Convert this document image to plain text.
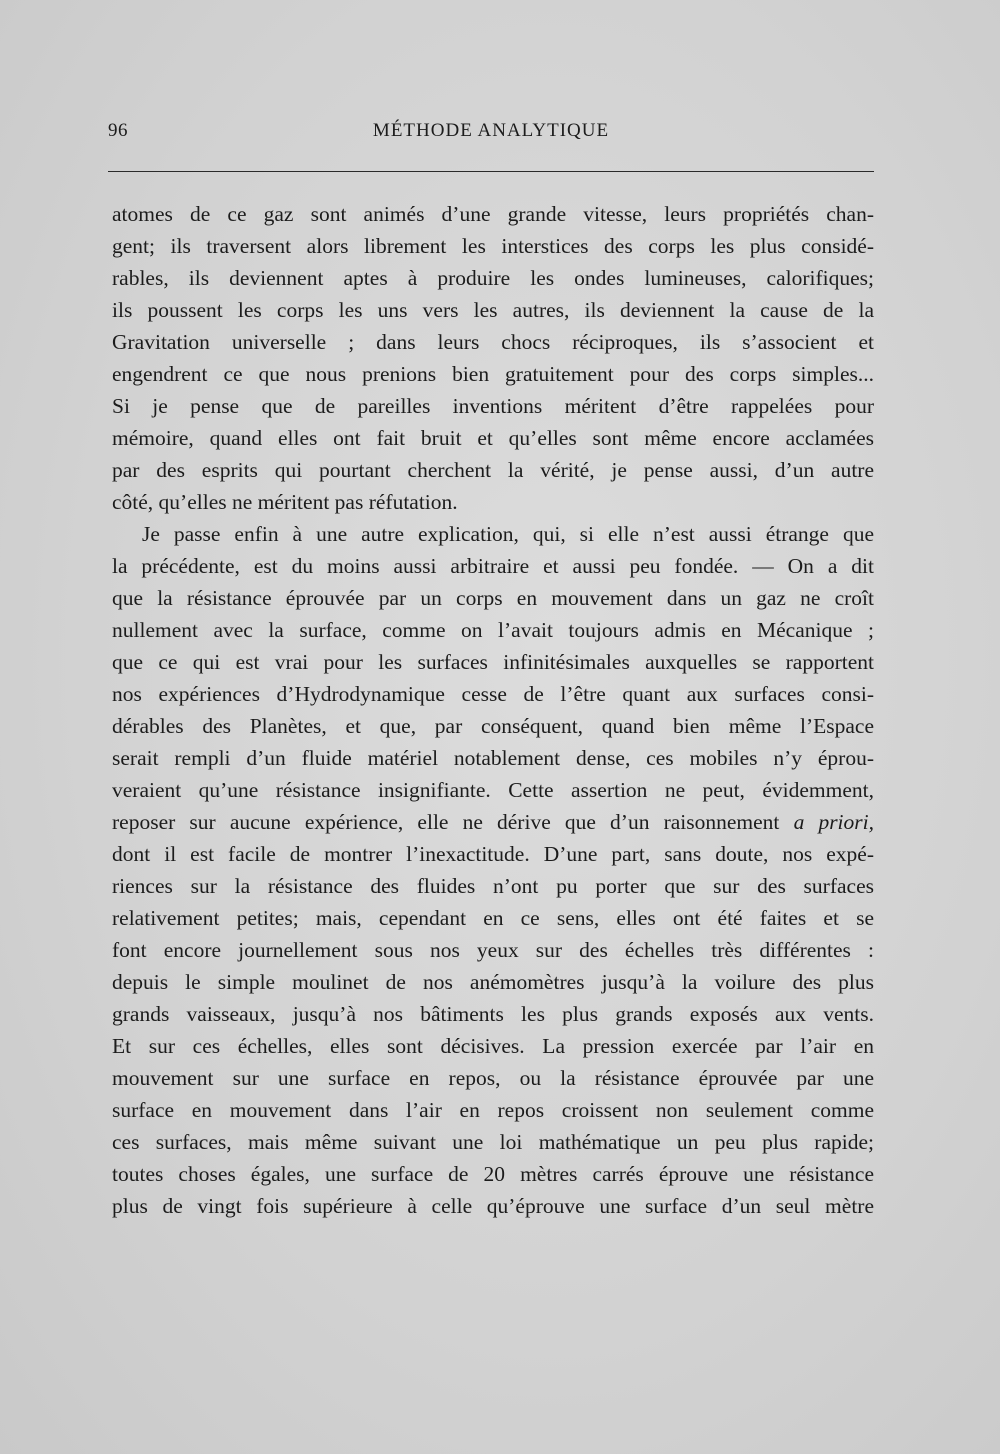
96	MÉTHODE ANALYTIQUE
atomes de ce gaz sont animés d’une grande vitesse, leurs propriétés chan-
gent; ils traversent alors librement les interstices des corps les plus considé-
rables, ils deviennent aptes à produire les ondes lumineuses, calorifiques;
ils poussent les corps les uns vers les autres, ils deviennent la cause de la
Gravitation universelle ; dans leurs chocs réciproques, ils s’associent et
engendrent ce que nous prenions bien gratuitement pour des corps simples...
Si je pense que de pareilles inventions méritent d’être rappelées pour
mémoire, quand elles ont fait bruit et qu’elles sont même encore acclamées
par des esprits qui pourtant cherchent la vérité, je pense aussi, d’un autre
côté, qu’elles ne méritent pas réfutation.
Je passe enfin à une autre explication, qui, si elle n’est aussi étrange que
la précédente, est du moins aussi arbitraire et aussi peu fondée. — On a dit
que la résistance éprouvée par un corps en mouvement dans un gaz ne croît
nullement avec la surface, comme on l’avait toujours admis en Mécanique ;
que ce qui est vrai pour les surfaces infinitésimales auxquelles se rapportent
nos expériences d’Hydrodynamique cesse de l’être quant aux surfaces consi-
dérables des Planètes, et que, par conséquent, quand bien même l’Espace
serait rempli d’un fluide matériel notablement dense, ces mobiles n’y éprou-
veraient qu’une résistance insignifiante. Cette assertion ne peut, évidemment,
reposer sur aucune expérience, elle ne dérive que d’un raisonnement a priori,
dont il est facile de montrer l’inexactitude. D’une part, sans doute, nos expé-
riences sur la résistance des fluides n’ont pu porter que sur des surfaces
relativement petites; mais, cependant en ce sens, elles ont été faites et se
font encore journellement sous nos yeux sur des échelles très différentes :
depuis le simple moulinet de nos anémomètres jusqu’à la voilure des plus
grands vaisseaux, jusqu’à nos bâtiments les plus grands exposés aux vents.
Et sur ces échelles, elles sont décisives. La pression exercée par l’air en
mouvement sur une surface en repos, ou la résistance éprouvée par une
surface en mouvement dans l’air en repos croissent non seulement comme
ces surfaces, mais même suivant une loi mathématique un peu plus rapide;
toutes choses égales, une surface de 20 mètres carrés éprouve une résistance
plus de vingt fois supérieure à celle qu’éprouve une surface d’un seul mètre
